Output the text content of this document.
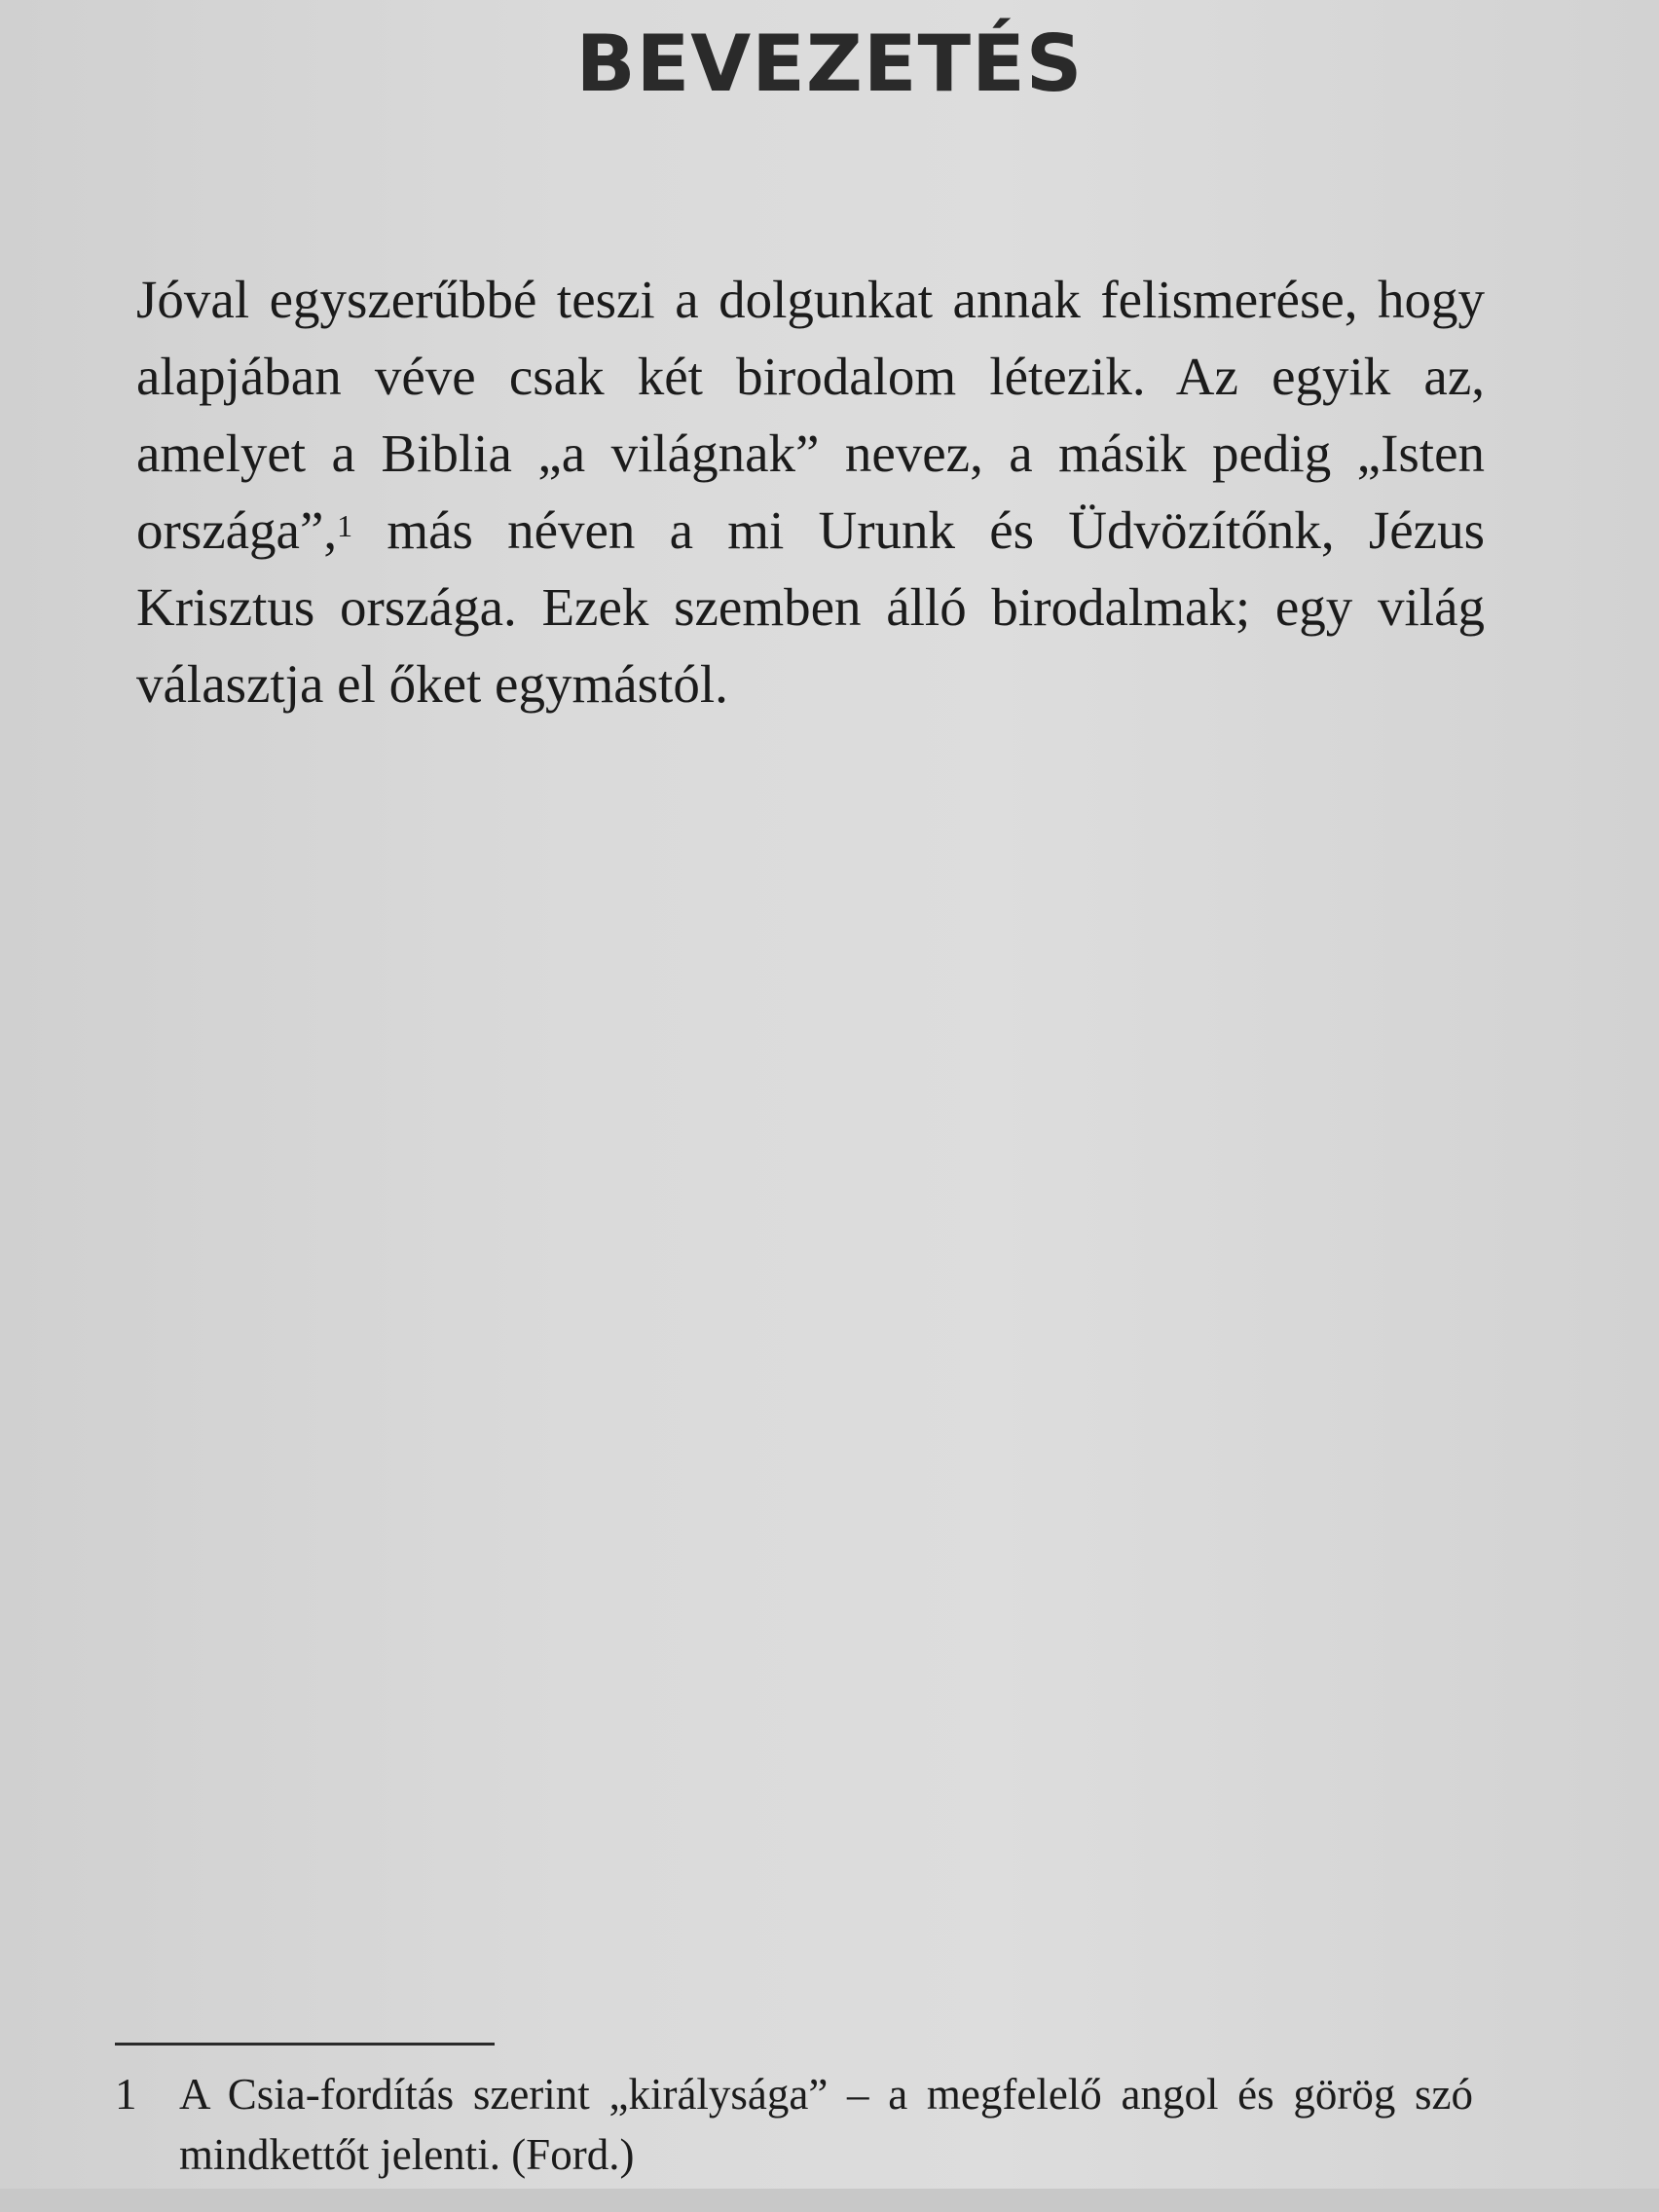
BEVEZETÉS

Jóval egyszerűbbé teszi a dolgunkat annak felismerése, hogy alapjában véve csak két birodalom létezik. Az egyik az, amelyet a Biblia „a világnak” nevez, a másik pedig „Isten országa”,$^1$ más néven a mi Urunk és Üdvözítőnk, Jézus Krisztus országa. Ezek szemben álló birodalmak; egy világ választja el őket egymástól.

1 A Csia-fordítás szerint „királysága” – a megfelelő angol és görög szó mindkettőt jelenti. (Ford.)
